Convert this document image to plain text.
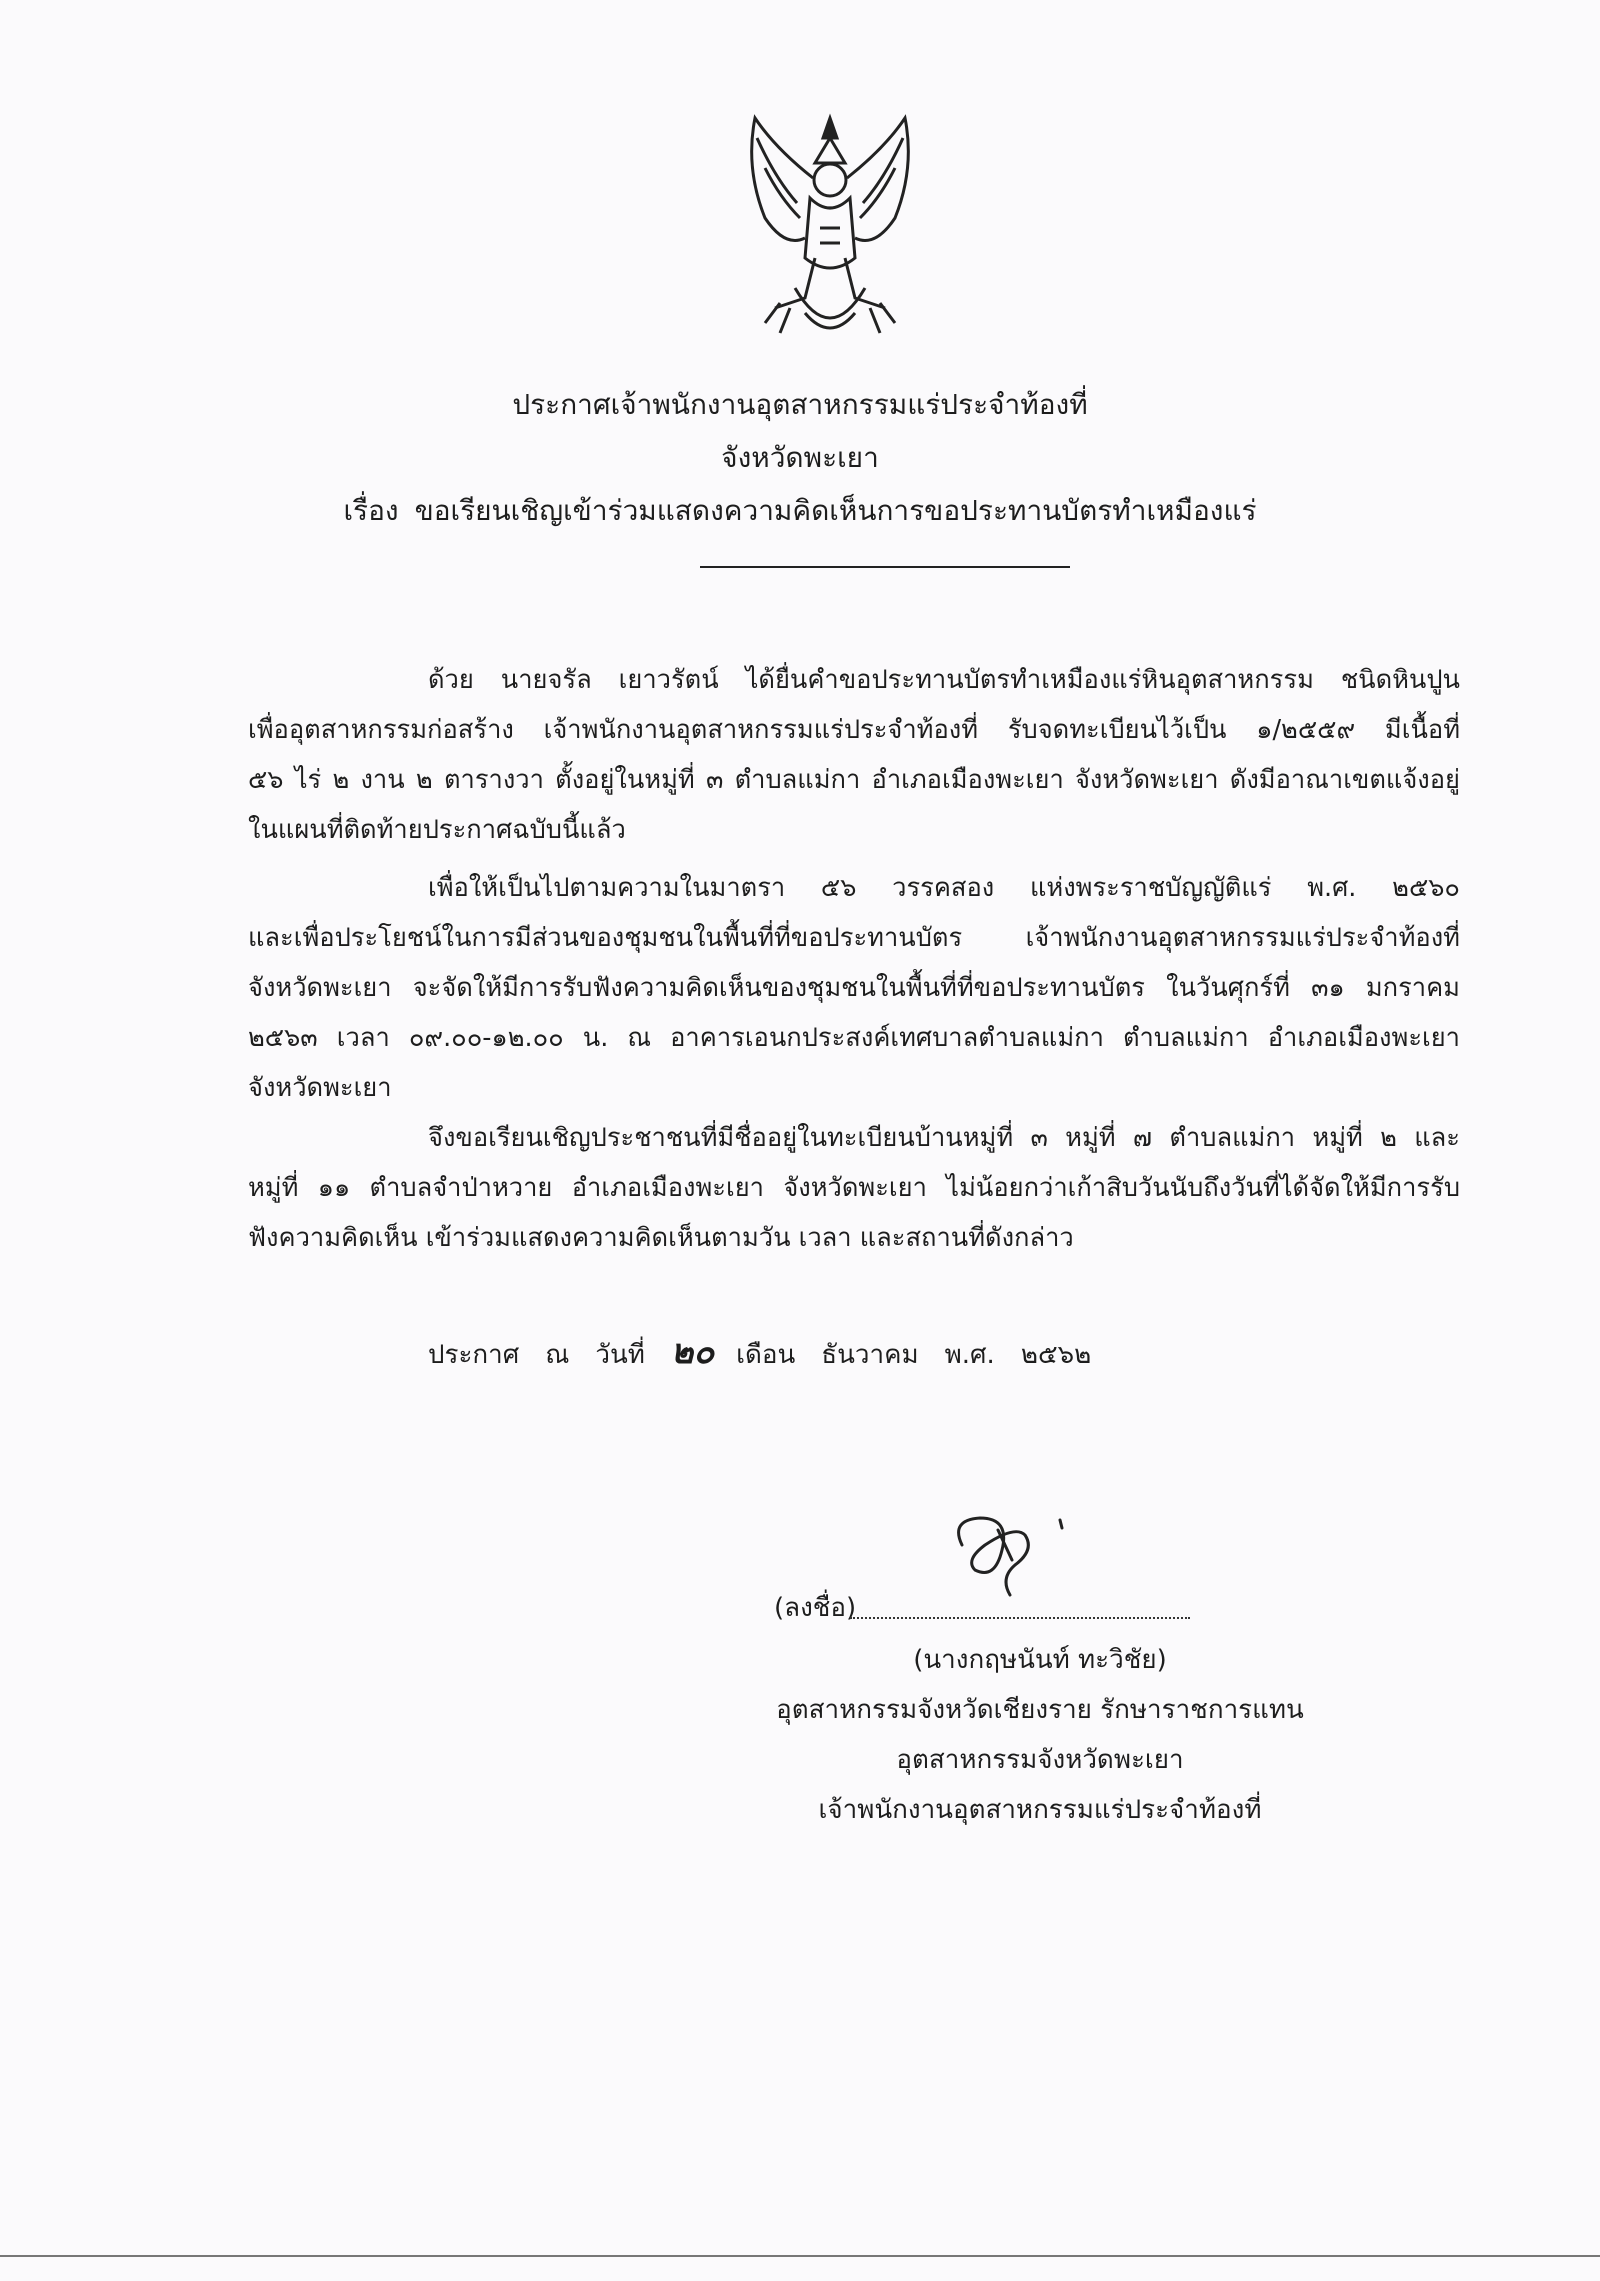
ประกาศเจ้าพนักงานอุตสาหกรรมแร่ประจำท้องที่
จังหวัดพะเยา
เรื่อง ขอเรียนเชิญเข้าร่วมแสดงความคิดเห็นการขอประทานบัตรทำเหมืองแร่
ด้วย นายจรัล เยาวรัตน์ ได้ยื่นคำขอประทานบัตรทำเหมืองแร่หินอุตสาหกรรม ชนิดหินปูน
เพื่ออุตสาหกรรมก่อสร้าง เจ้าพนักงานอุตสาหกรรมแร่ประจำท้องที่ รับจดทะเบียนไว้เป็น ๑/๒๕๕๙ มีเนื้อที่
๕๖ ไร่ ๒ งาน ๒ ตารางวา ตั้งอยู่ในหมู่ที่ ๓ ตำบลแม่กา อำเภอเมืองพะเยา จังหวัดพะเยา ดังมีอาณาเขตแจ้งอยู่
ในแผนที่ติดท้ายประกาศฉบับนี้แล้ว
เพื่อให้เป็นไปตามความในมาตรา ๕๖ วรรคสอง แห่งพระราชบัญญัติแร่ พ.ศ. ๒๕๖๐
และเพื่อประโยชน์ในการมีส่วนของชุมชนในพื้นที่ที่ขอประทานบัตร เจ้าพนักงานอุตสาหกรรมแร่ประจำท้องที่
จังหวัดพะเยา จะจัดให้มีการรับฟังความคิดเห็นของชุมชนในพื้นที่ที่ขอประทานบัตร ในวันศุกร์ที่ ๓๑ มกราคม
๒๕๖๓ เวลา ๐๙.๐๐-๑๒.๐๐ น. ณ อาคารเอนกประสงค์เทศบาลตำบลแม่กา ตำบลแม่กา อำเภอเมืองพะเยา
จังหวัดพะเยา
จึงขอเรียนเชิญประชาชนที่มีชื่ออยู่ในทะเบียนบ้านหมู่ที่ ๓ หมู่ที่ ๗ ตำบลแม่กา หมู่ที่ ๒ และ
หมู่ที่ ๑๑ ตำบลจำป่าหวาย อำเภอเมืองพะเยา จังหวัดพะเยา ไม่น้อยกว่าเก้าสิบวันนับถึงวันที่ได้จัดให้มีการรับ
ฟังความคิดเห็น เข้าร่วมแสดงความคิดเห็นตามวัน เวลา และสถานที่ดังกล่าว
ประกาศ ณ วันที่ ๒๐ เดือน ธันวาคม พ.ศ. ๒๕๖๒
(ลงชื่อ)
(นางกฤษนันท์ ทะวิชัย)
อุตสาหกรรมจังหวัดเชียงราย รักษาราชการแทน
อุตสาหกรรมจังหวัดพะเยา
เจ้าพนักงานอุตสาหกรรมแร่ประจำท้องที่
